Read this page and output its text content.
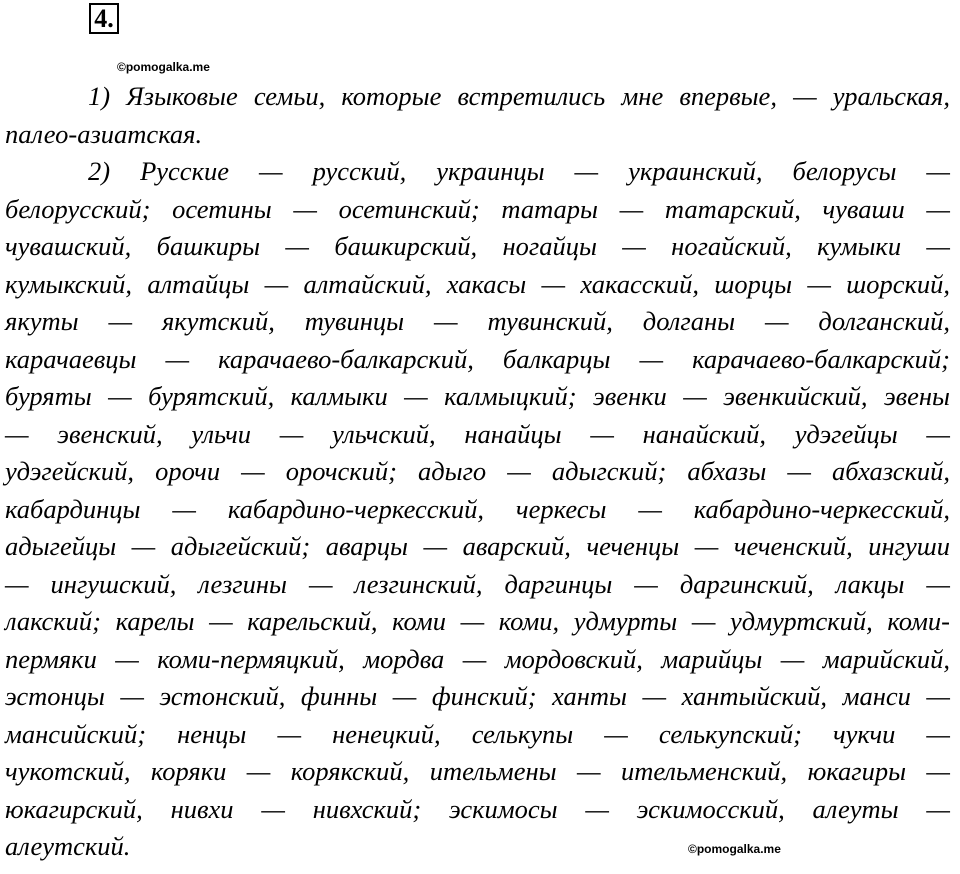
4.
©pomogalka.me
1) Языковые семьи, которые встретились мне впервые, — уральская,
палео-азиатская.
2) Русские — русский, украинцы — украинский, белорусы —
белорусский; осетины — осетинский; татары — татарский, чуваши —
чувашский, башкиры — башкирский, ногайцы — ногайский, кумыки —
кумыкский, алтайцы — алтайский, хакасы — хакасский, шорцы — шорский,
якуты — якутский, тувинцы — тувинский, долганы — долганский,
карачаевцы — карачаево-балкарский, балкарцы — карачаево-балкарский;
буряты — бурятский, калмыки — калмыцкий; эвенки — эвенкийский, эвены
— эвенский, ульчи — ульчский, нанайцы — нанайский, удэгейцы —
удэгейский, орочи — орочский; адыго — адыгский; абхазы — абхазский,
кабардинцы — кабардино-черкесский, черкесы — кабардино-черкесский,
адыгейцы — адыгейский; аварцы — аварский, чеченцы — чеченский, ингуши
— ингушский, лезгины — лезгинский, даргинцы — даргинский, лакцы —
лакский; карелы — карельский, коми — коми, удмурты — удмуртский, коми-
пермяки — коми-пермяцкий, мордва — мордовский, марийцы — марийский,
эстонцы — эстонский, финны — финский; ханты — хантыйский, манси —
мансийский; ненцы — ненецкий, селькупы — селькупский; чукчи —
чукотский, коряки — корякский, ительмены — ительменский, юкагиры —
юкагирский, нивхи — нивхский; эскимосы — эскимосский, алеуты —
алеутский.	©pomogalka.me
